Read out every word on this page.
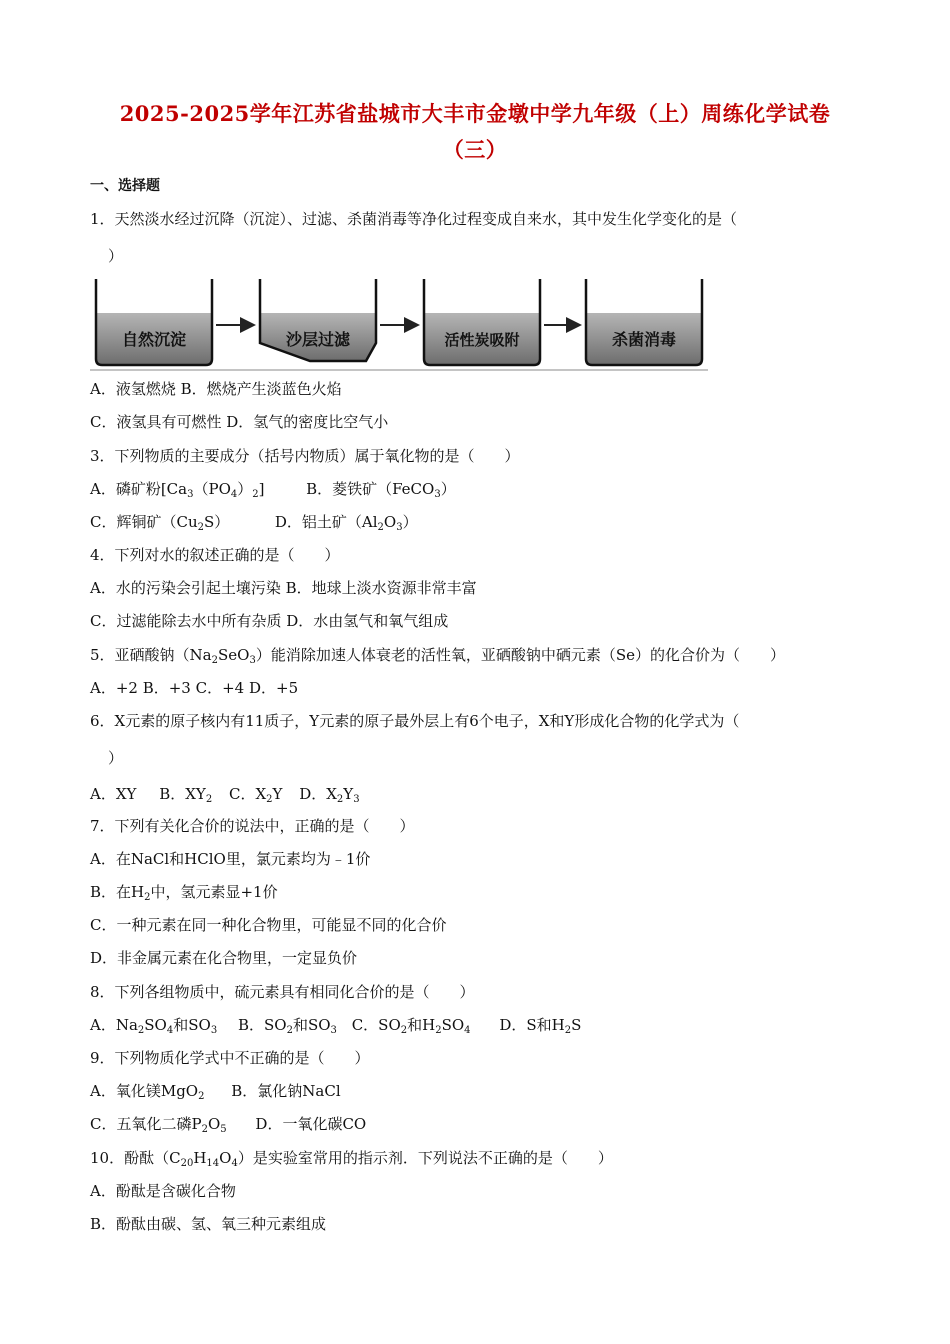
2025-2025学年江苏省盐城市大丰市金墩中学九年级（上）周练化学试卷
（三）
一、选择题
1．天然淡水经过沉降（沉淀）、过滤、杀菌消毒等净化过程变成自来水，其中发生化学变化的是（
）
自然沉淀	沙层过滤	活性炭吸附	杀菌消毒
A．液氢燃烧 B．燃烧产生淡蓝色火焰
C．液氢具有可燃性 D．氢气的密度比空气小
3．下列物质的主要成分（括号内物质）属于氧化物的是（　　）
A．磷矿粉$[Ca_3(PO_4)_2]$	B．菱铁矿（FeCO$_3$）
C．辉铜矿$(Cu_2S)$	D．铝土矿$(Al_2O_3)$
4．下列对水的叙述正确的是（　　）
A．水的污染会引起土壤污染 B．地球上淡水资源非常丰富
C．过滤能除去水中所有杂质 D．水由氢气和氧气组成
5．亚硒酸钠$(Na_2SeO_3)$能消除加速人体衰老的活性氧，亚硒酸钠中硒元素（Se）的化合价为（　　）
A．+2 B．+3 C．+4 D．+5
6．X元素的原子核内有11质子，Y元素的原子最外层上有6个电子，X和Y形成化合物的化学式为（
）
A．XY B．$XY_2$ C．$X_2Y$ D．$X_2Y_3$
7．下列有关化合价的说法中，正确的是（　　）
A．在NaCl和HClO里，氯元素均为﹣1价
B．在$H_2$中，氢元素显+1价
C．一种元素在同一种化合物里，可能显不同的化合价
D．非金属元素在化合物里，一定显负价
8．下列各组物质中，硫元素具有相同化合价的是（　　）
A．$Na_2SO_4$和$SO_3$ B．$SO_2$和$SO_3$ C．$SO_2$和$H_2SO_4$ D．S和$H_2S$
9．下列物质化学式中不正确的是（　　）
A．氧化镁MgO$_2$ B．氯化钠NaCl
C．五氧化二磷$P_2O_5$ D．一氧化碳CO
10．酚酞$(C_{20}H_{14}O_4)$是实验室常用的指示剂．下列说法不正确的是（　　）
A．酚酞是含碳化合物
B．酚酞由碳、氢、氧三种元素组成
